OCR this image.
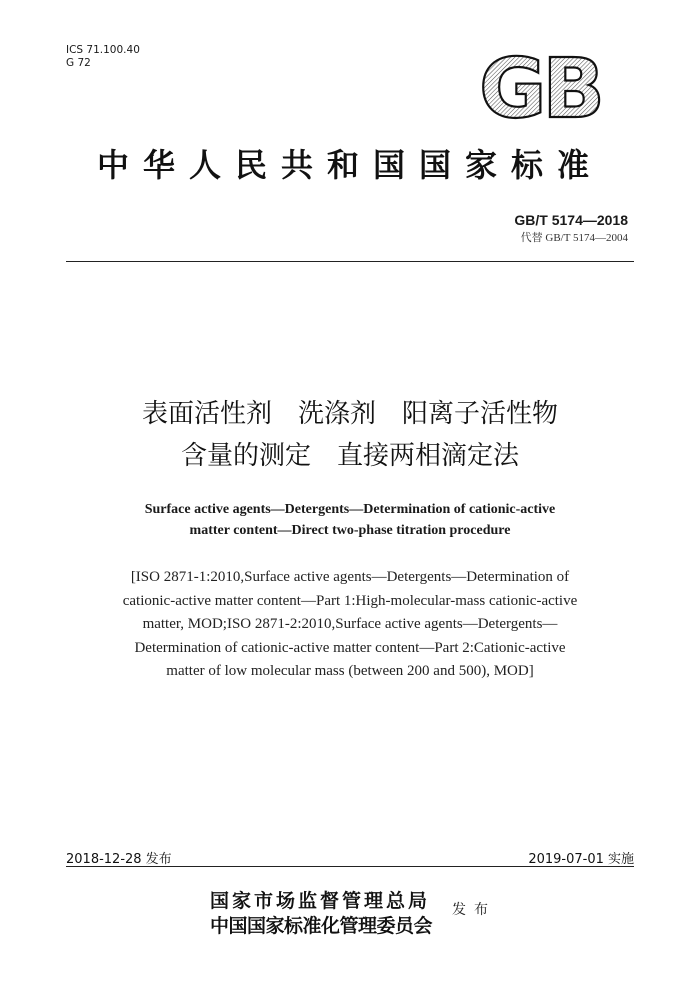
ICS 71.100.40
G 72	GB
中华人民共和国国家标准
GB/T 5174—2018
代替 GB/T 5174—2004
表面活性剂　洗涤剂　阳离子活性物
含量的测定　直接两相滴定法
Surface active agents—Detergents—Determination of cationic-active
matter content—Direct two-phase titration procedure
[ISO 2871-1:2010,Surface active agents—Detergents—Determination of
cationic-active matter content—Part 1:High-molecular-mass cationic-active
matter, MOD;ISO 2871-2:2010,Surface active agents—Detergents—
Determination of cationic-active matter content—Part 2:Cationic-active
matter of low molecular mass (between 200 and 500), MOD]
2018-12-28 发布	2019-07-01 实施
国家市场监督管理总局
中国国家标准化管理委员会
发布
